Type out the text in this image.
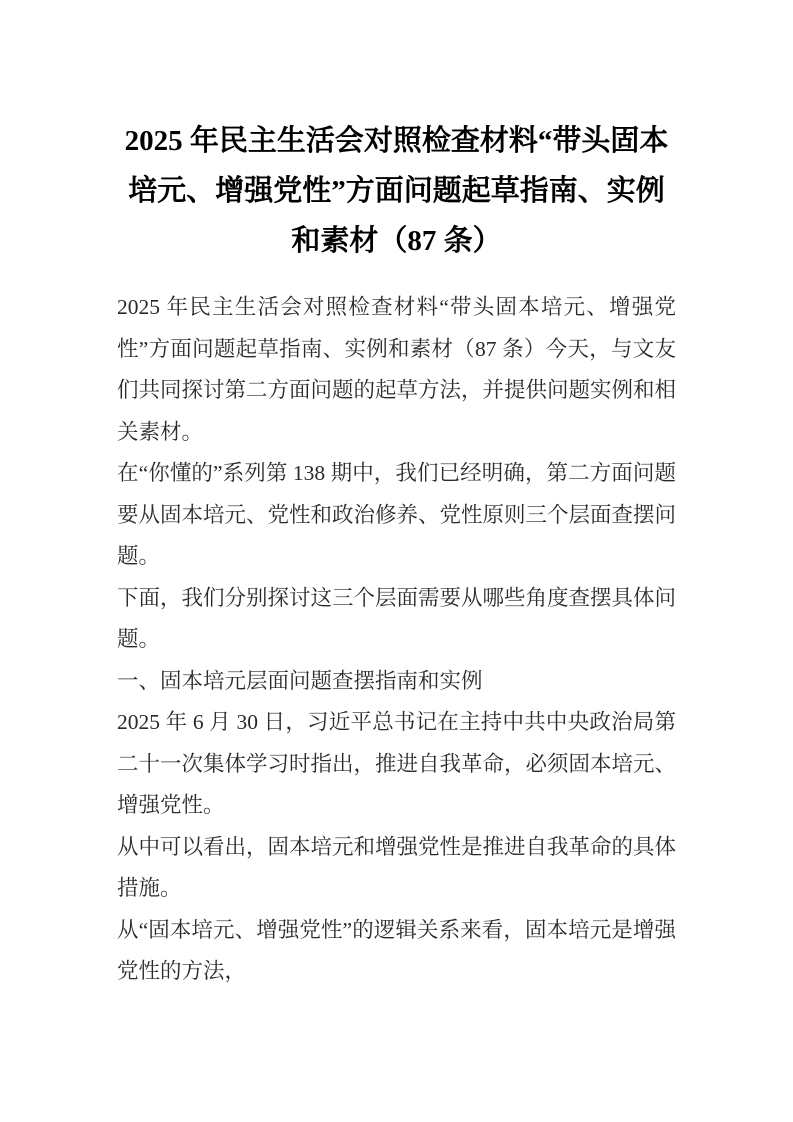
2025 年民主生活会对照检查材料“带头固本培元、增强党性”方面问题起草指南、实例和素材（87 条）

2025 年民主生活会对照检查材料“带头固本培元、增强党性”方面问题起草指南、实例和素材（87 条）今天，与文友们共同探讨第二方面问题的起草方法，并提供问题实例和相关素材。

在“你懂的”系列第 138 期中，我们已经明确，第二方面问题要从固本培元、党性和政治修养、党性原则三个层面查摆问题。

下面，我们分别探讨这三个层面需要从哪些角度查摆具体问题。

一、固本培元层面问题查摆指南和实例

2025 年 6 月 30 日，习近平总书记在主持中共中央政治局第二十一次集体学习时指出，推进自我革命，必须固本培元、增强党性。

从中可以看出，固本培元和增强党性是推进自我革命的具体措施。

从“固本培元、增强党性”的逻辑关系来看，固本培元是增强党性的方法，
